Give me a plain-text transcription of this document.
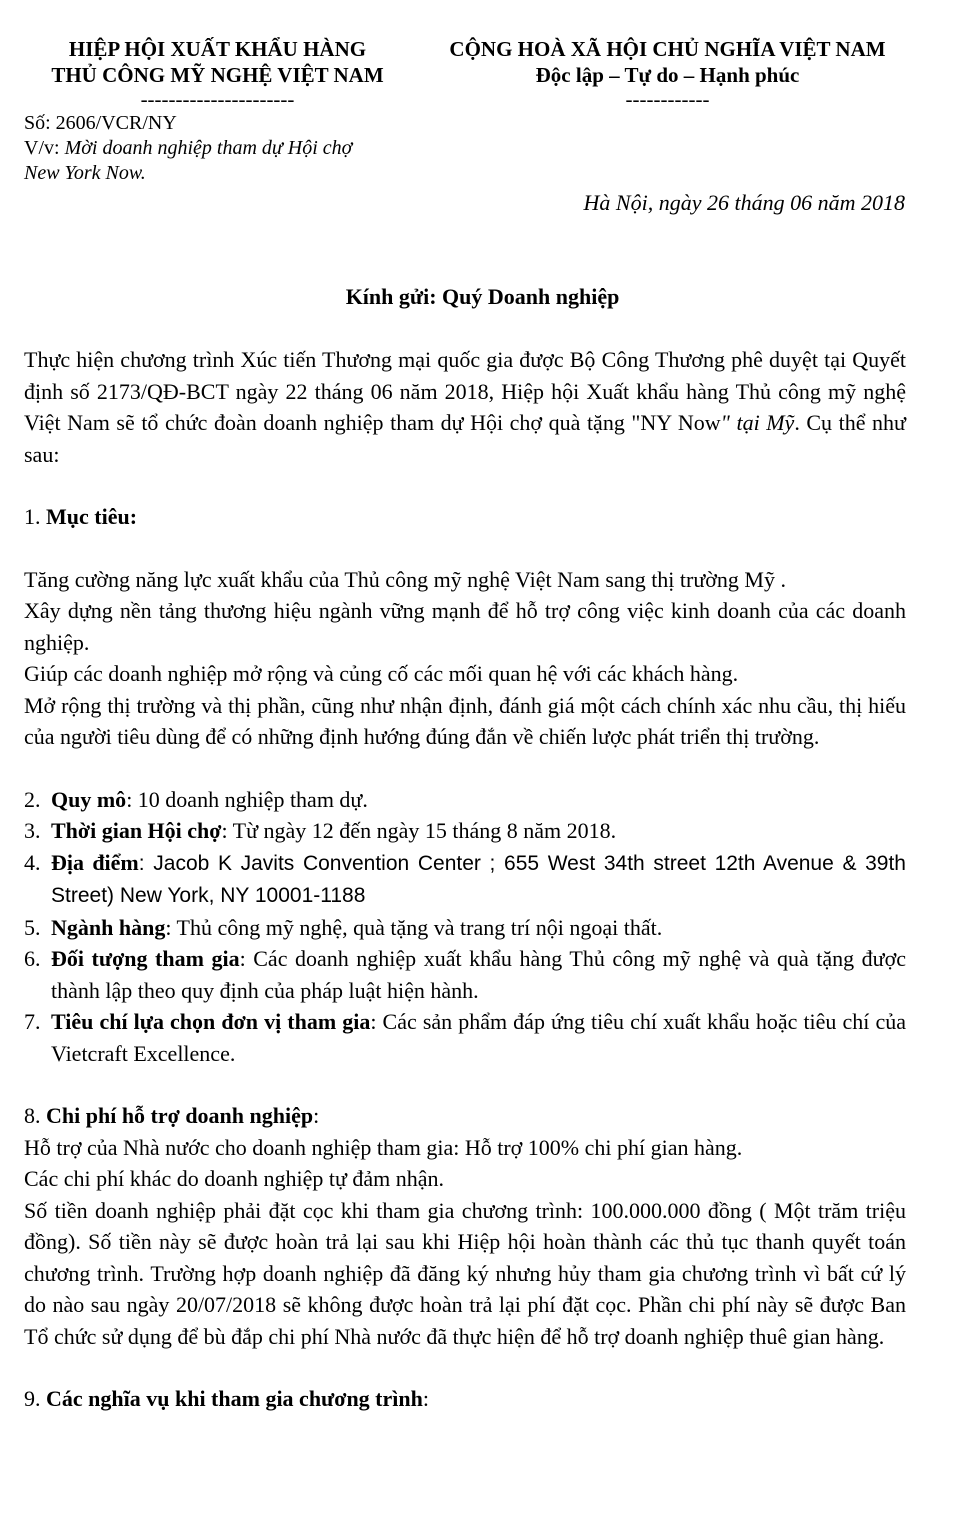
HIỆP HỘI XUẤT KHẨU HÀNG
THỦ CÔNG MỸ NGHỆ VIỆT NAM
----------------------
CỘNG HOÀ XÃ HỘI CHỦ NGHĨA VIỆT NAM
Độc lập – Tự do – Hạnh phúc
------------
Số: 2606/VCR/NY
V/v: Mời doanh nghiệp tham dự Hội chợ
New York Now.
Hà Nội, ngày 26 tháng 06 năm 2018
Kính gửi: Quý Doanh nghiệp

Thực hiện chương trình Xúc tiến Thương mại quốc gia được Bộ Công Thương phê duyệt tại Quyết định số 2173/QĐ-BCT ngày 22 tháng 06 năm 2018, Hiệp hội Xuất khẩu hàng Thủ công mỹ nghệ Việt Nam sẽ tổ chức đoàn doanh nghiệp tham dự Hội chợ quà tặng "NY Now" tại Mỹ. Cụ thể như sau:

1. Mục tiêu:

Tăng cường năng lực xuất khẩu của Thủ công mỹ nghệ Việt Nam sang thị trường Mỹ .

Xây dựng nền tảng thương hiệu ngành vững mạnh để hỗ trợ công việc kinh doanh của các doanh nghiệp.

Giúp các doanh nghiệp mở rộng và củng cố các mối quan hệ với các khách hàng.

Mở rộng thị trường và thị phần, cũng như nhận định, đánh giá một cách chính xác nhu cầu, thị hiếu của người tiêu dùng để có những định hướng đúng đắn về chiến lược phát triển thị trường.

2. Quy mô: 10 doanh nghiệp tham dự.

3. Thời gian Hội chợ: Từ ngày 12 đến ngày 15 tháng 8 năm 2018.

4. Địa điểm: Jacob K Javits Convention Center ; 655 West 34th street 12th Avenue & 39th Street) New York, NY 10001-1188

5. Ngành hàng: Thủ công mỹ nghệ, quà tặng và trang trí nội ngoại thất.

6. Đối tượng tham gia: Các doanh nghiệp xuất khẩu hàng Thủ công mỹ nghệ và quà tặng được thành lập theo quy định của pháp luật hiện hành.

7. Tiêu chí lựa chọn đơn vị tham gia: Các sản phẩm đáp ứng tiêu chí xuất khẩu hoặc tiêu chí của Vietcraft Excellence.

8. Chi phí hỗ trợ doanh nghiệp:

Hỗ trợ của Nhà nước cho doanh nghiệp tham gia: Hỗ trợ 100% chi phí gian hàng.

Các chi phí khác do doanh nghiệp tự đảm nhận.

Số tiền doanh nghiệp phải đặt cọc khi tham gia chương trình: 100.000.000 đồng ( Một trăm triệu đồng). Số tiền này sẽ được hoàn trả lại sau khi Hiệp hội hoàn thành các thủ tục thanh quyết toán chương trình. Trường hợp doanh nghiệp đã đăng ký nhưng hủy tham gia chương trình vì bất cứ lý do nào sau ngày 20/07/2018 sẽ không được hoàn trả lại phí đặt cọc. Phần chi phí này sẽ được Ban Tổ chức sử dụng để bù đắp chi phí Nhà nước đã thực hiện để hỗ trợ doanh nghiệp thuê gian hàng.

9. Các nghĩa vụ khi tham gia chương trình:
